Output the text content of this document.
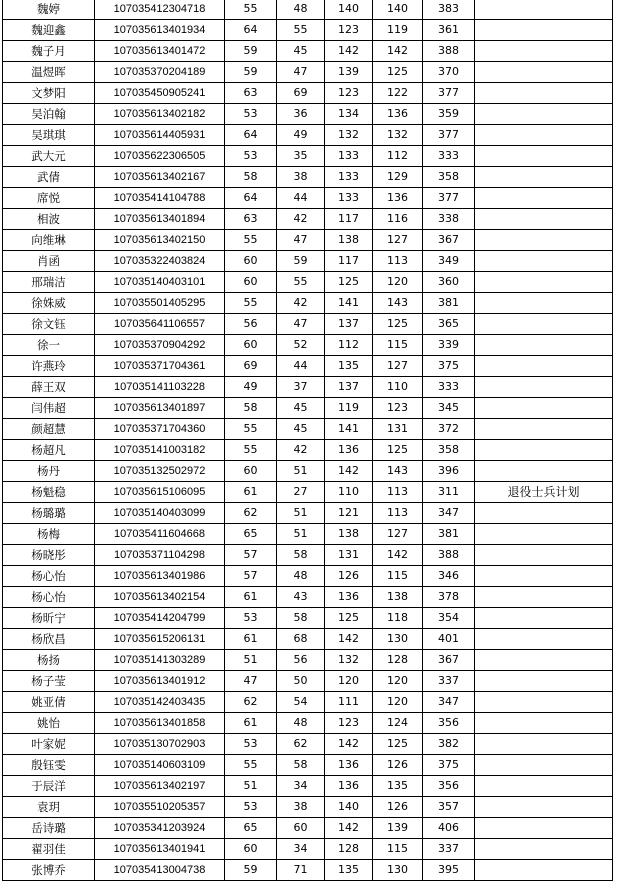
魏婷	107035412304718	55	48	140	140	383	
魏迎鑫	107035613401934	64	55	123	119	361	
魏子月	107035613401472	59	45	142	142	388	
温煜晖	107035370204189	59	47	139	125	370	
文梦阳	107035450905241	63	69	123	122	377	
吴泊翰	107035613402182	53	36	134	136	359	
吴琪琪	107035614405931	64	49	132	132	377	
武大元	107035622306505	53	35	133	112	333	
武倩	107035613402167	58	38	133	129	358	
席悦	107035414104788	64	44	133	136	377	
相波	107035613401894	63	42	117	116	338	
向维琳	107035613402150	55	47	138	127	367	
肖函	107035322403824	60	59	117	113	349	
邢瑞洁	107035140403101	60	55	125	120	360	
徐姝威	107035501405295	55	42	141	143	381	
徐文钰	107035641106557	56	47	137	125	365	
徐一	107035370904292	60	52	112	115	339	
许燕玲	107035371704361	69	44	135	127	375	
薛王双	107035141103228	49	37	137	110	333	
闫伟超	107035613401897	58	45	119	123	345	
颜超慧	107035371704360	55	45	141	131	372	
杨超凡	107035141003182	55	42	136	125	358	
杨丹	107035132502972	60	51	142	143	396	
杨魁稳	107035615106095	61	27	110	113	311	退役士兵计划
杨璐璐	107035140403099	62	51	121	113	347	
杨梅	107035411604668	65	51	138	127	381	
杨晓彤	107035371104298	57	58	131	142	388	
杨心怡	107035613401986	57	48	126	115	346	
杨心怡	107035613402154	61	43	136	138	378	
杨昕宁	107035414204799	53	58	125	118	354	
杨欣昌	107035615206131	61	68	142	130	401	
杨扬	107035141303289	51	56	132	128	367	
杨子莹	107035613401912	47	50	120	120	337	
姚亚倩	107035142403435	62	54	111	120	347	
姚怡	107035613401858	61	48	123	124	356	
叶家妮	107035130702903	53	62	142	125	382	
殷钰雯	107035140603109	55	58	136	126	375	
于辰洋	107035613402197	51	34	136	135	356	
袁玥	107035510205357	53	38	140	126	357	
岳诗璐	107035341203924	65	60	142	139	406	
翟羽佳	107035613401941	60	34	128	115	337	
张博乔	107035413004738	59	71	135	130	395	
